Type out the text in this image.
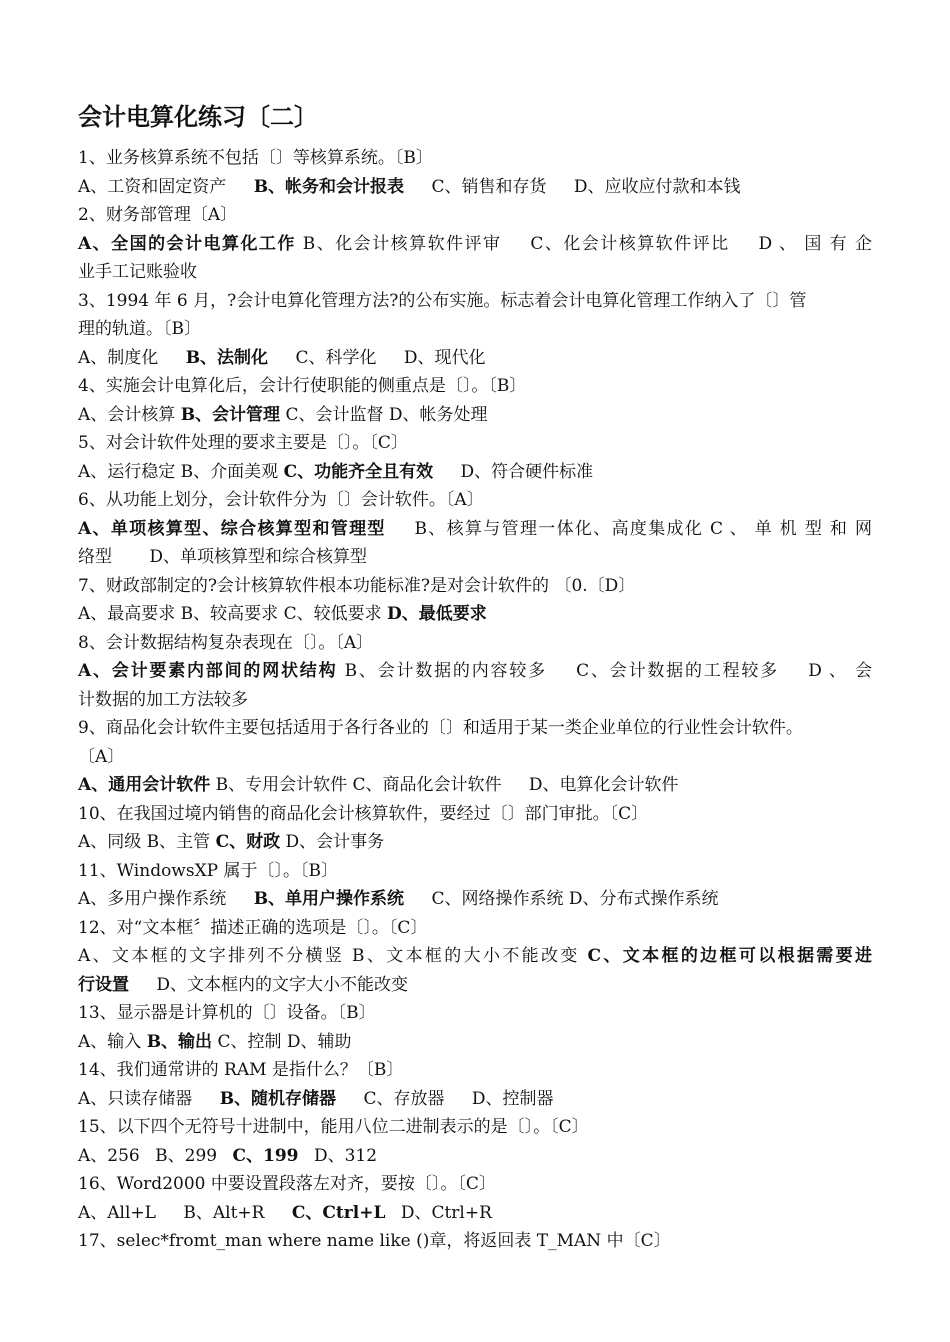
会计电算化练习〔二〕
1、业务核算系统不包括〔〕等核算系统。〔B〕
A、工资和固定资产 B、帐务和会计报表 C、销售和存货 D、应收应付款和本钱
2、财务部管理〔A〕
A、全国的会计电算化工作 B、化会计核算软件评审 C、化会计核算软件评比 D 、 国 有 企
业手工记账验收
3、1994 年 6 月，?会计电算化管理方法?的公布实施。标志着会计电算化管理工作纳入了〔〕管
理的轨道。〔B〕
A、制度化 B、法制化 C、科学化 D、现代化
4、实施会计电算化后，会计行使职能的侧重点是〔〕。〔B〕
A、会计核算 B、会计管理 C、会计监督 D、帐务处理
5、对会计软件处理的要求主要是〔〕。〔C〕
A、运行稳定 B、介面美观 C、功能齐全且有效 D、符合硬件标准
6、从功能上划分，会计软件分为〔〕会计软件。〔A〕
A、单项核算型、综合核算型和管理型 B、核算与管理一体化、高度集成化 C 、 单 机 型 和 网
络型 D、单项核算型和综合核算型
7、财政部制定的?会计核算软件根本功能标准?是对会计软件的 〔0.〔D〕
A、最高要求 B、较高要求 C、较低要求 D、最低要求
8、会计数据结构复杂表现在〔〕。〔A〕
A、会计要素内部间的网状结构 B、会计数据的内容较多 C、会计数据的工程较多 D 、 会
计数据的加工方法较多
9、商品化会计软件主要包括适用于各行各业的〔〕和适用于某一类企业单位的行业性会计软件。
〔A〕
A、通用会计软件 B、专用会计软件 C、商品化会计软件 D、电算化会计软件
10、在我国过境内销售的商品化会计核算软件，要经过〔〕部门审批。〔C〕
A、同级 B、主管 C、财政 D、会计事务
11、WindowsXP 属于〔〕。〔B〕
A、多用户操作系统 B、单用户操作系统 C、网络操作系统 D、分布式操作系统
12、对“文本框〞描述正确的选项是〔〕。〔C〕
A、文本框的文字排列不分横竖 B、文本框的大小不能改变 C、文本框的边框可以根据需要进
行设置 D、文本框内的文字大小不能改变
13、显示器是计算机的〔〕设备。〔B〕
A、输入 B、输出 C、控制 D、辅助
14、我们通常讲的 RAM 是指什么？〔B〕
A、只读存储器 B、随机存储器 C、存放器 D、控制器
15、以下四个无符号十进制中，能用八位二进制表示的是〔〕。〔C〕
A、256 B、299 C、199 D、312
16、Word2000 中要设置段落左对齐，要按〔〕。〔C〕
A、All+L B、Alt+R C、Ctrl+L D、Ctrl+R
17、selec*fromt_man where name like ()章，将返回表 T_MAN 中〔C〕
